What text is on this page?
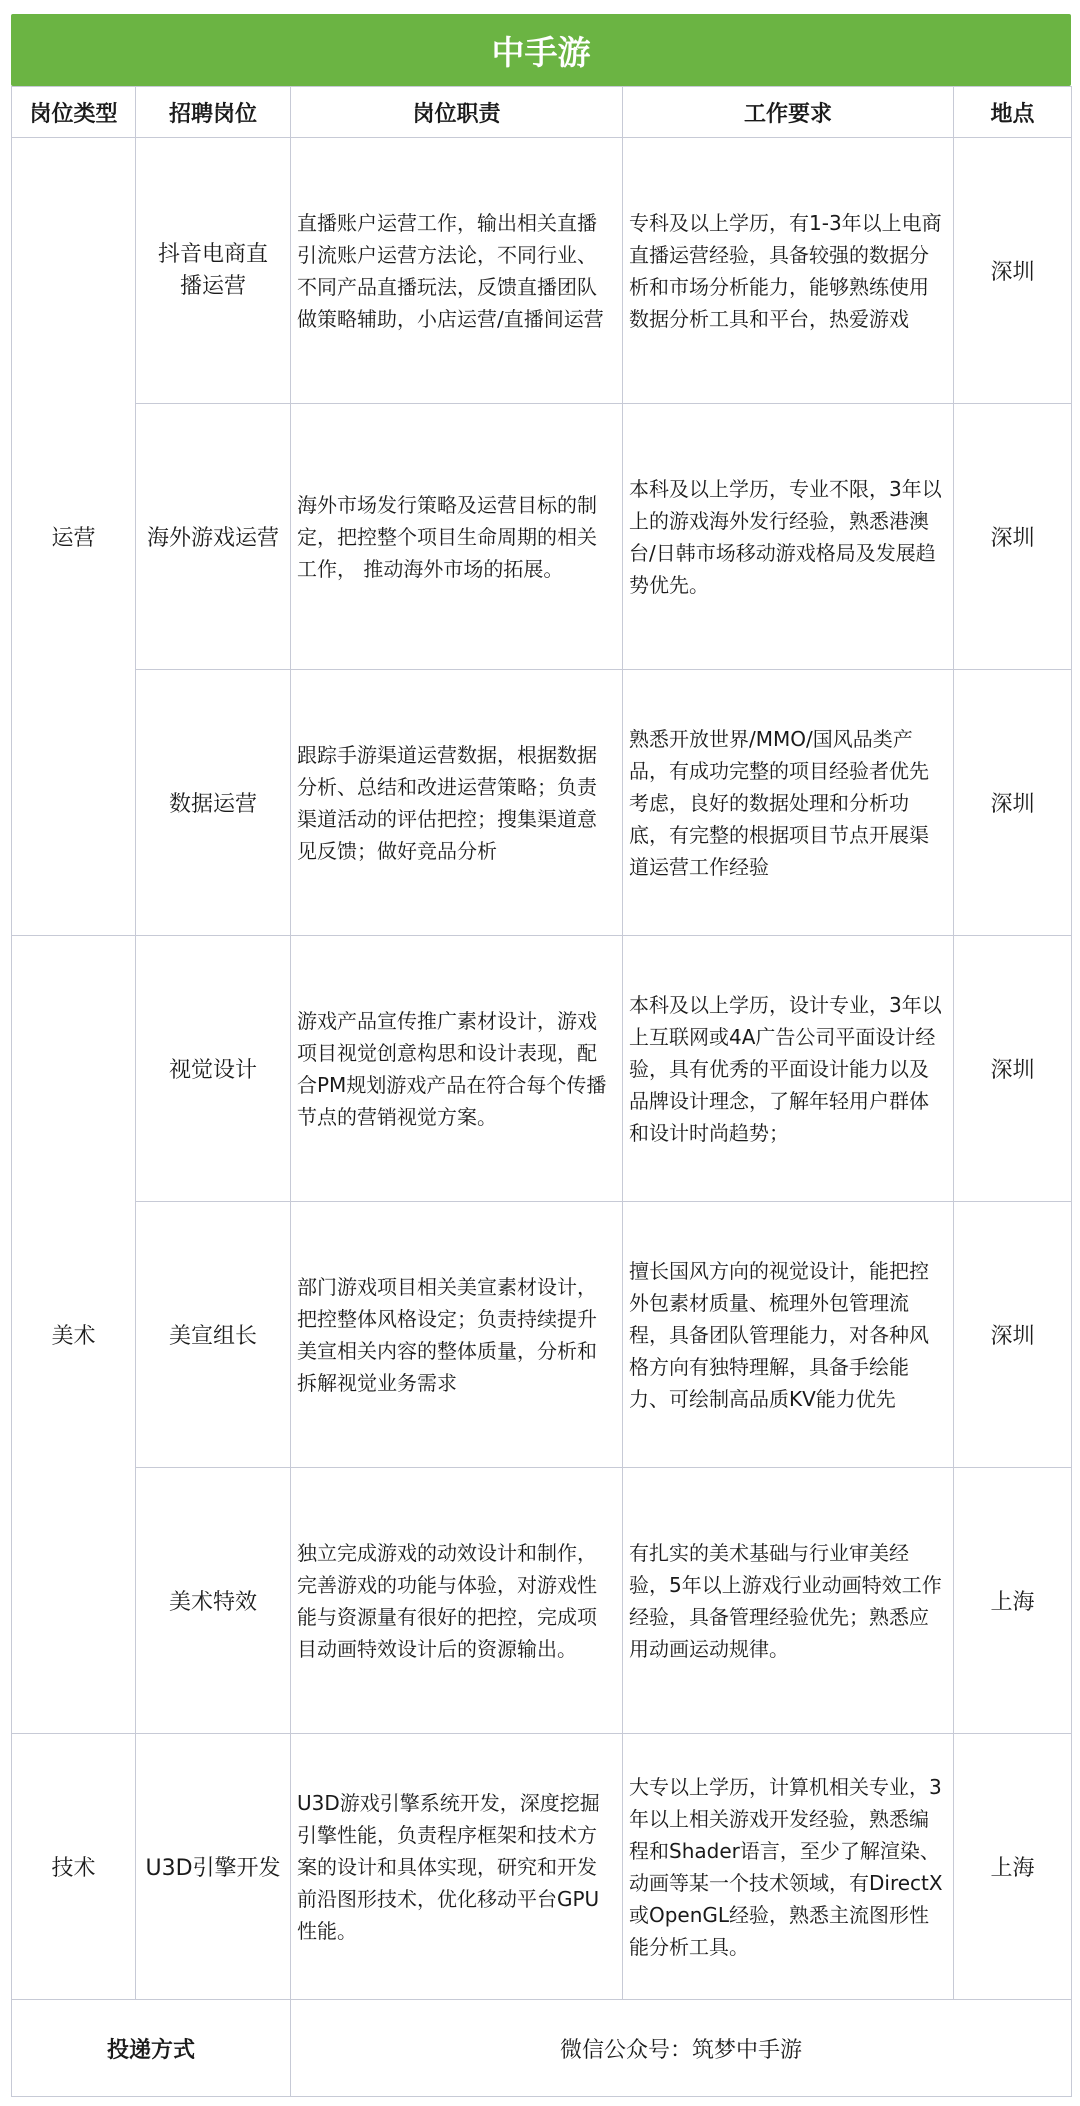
中手游
岗位类型	招聘岗位	岗位职责	工作要求	地点
运营	抖音电商直播运营	直播账户运营工作，输出相关直播引流账户运营方法论，不同行业、不同产品直播玩法，反馈直播团队做策略辅助，小店运营/直播间运营	专科及以上学历，有1-3年以上电商直播运营经验，具备较强的数据分析和市场分析能力，能够熟练使用数据分析工具和平台，热爱游戏	深圳
	海外游戏运营	海外市场发行策略及运营目标的制定，把控整个项目生命周期的相关工作， 推动海外市场的拓展。	本科及以上学历，专业不限，3年以上的游戏海外发行经验，熟悉港澳台/日韩市场移动游戏格局及发展趋势优先。	深圳
	数据运营	跟踪手游渠道运营数据，根据数据分析、总结和改进运营策略；负责渠道活动的评估把控；搜集渠道意见反馈；做好竞品分析	熟悉开放世界/MMO/国风品类产品，有成功完整的项目经验者优先考虑，良好的数据处理和分析功底，有完整的根据项目节点开展渠道运营工作经验	深圳
美术	视觉设计	游戏产品宣传推广素材设计，游戏项目视觉创意构思和设计表现，配合PM规划游戏产品在符合每个传播节点的营销视觉方案。	本科及以上学历，设计专业，3年以上互联网或4A广告公司平面设计经验，具有优秀的平面设计能力以及品牌设计理念，了解年轻用户群体和设计时尚趋势；	深圳
	美宣组长	部门游戏项目相关美宣素材设计，把控整体风格设定；负责持续提升美宣相关内容的整体质量，分析和拆解视觉业务需求	擅长国风方向的视觉设计，能把控外包素材质量、梳理外包管理流程，具备团队管理能力，对各种风格方向有独特理解，具备手绘能力、可绘制高品质KV能力优先	深圳
	美术特效	独立完成游戏的动效设计和制作，完善游戏的功能与体验，对游戏性能与资源量有很好的把控，完成项目动画特效设计后的资源输出。	有扎实的美术基础与行业审美经验，5年以上游戏行业动画特效工作经验，具备管理经验优先；熟悉应用动画运动规律。	上海
技术	U3D引擎开发	U3D游戏引擎系统开发，深度挖掘引擎性能，负责程序框架和技术方案的设计和具体实现，研究和开发前沿图形技术，优化移动平台GPU性能。	大专以上学历，计算机相关专业，3年以上相关游戏开发经验，熟悉编程和Shader语言，至少了解渲染、动画等某一个技术领域，有DirectX或OpenGL经验，熟悉主流图形性能分析工具。	上海
投递方式		微信公众号：筑梦中手游		
